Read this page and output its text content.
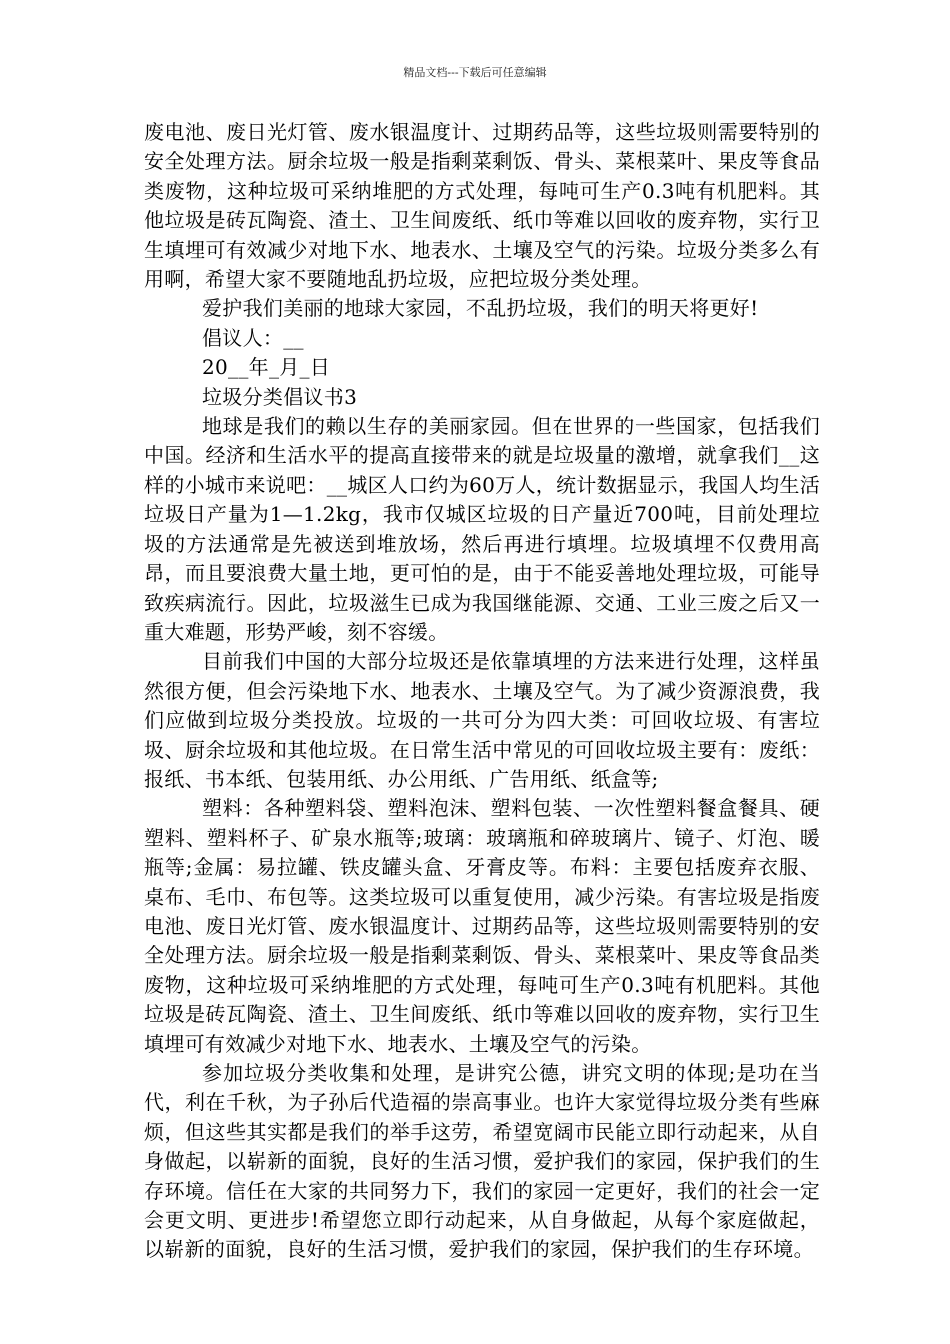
精品文档---下载后可任意编辑

废电池、废日光灯管、废水银温度计、过期药品等，这些垃圾则需要特别的安全处理方法。厨余垃圾一般是指剩菜剩饭、骨头、菜根菜叶、果皮等食品类废物，这种垃圾可采纳堆肥的方式处理，每吨可生产0.3吨有机肥料。其他垃圾是砖瓦陶瓷、渣土、卫生间废纸、纸巾等难以回收的废弃物，实行卫生填埋可有效减少对地下水、地表水、土壤及空气的污染。垃圾分类多么有用啊，希望大家不要随地乱扔垃圾，应把垃圾分类处理。

爱护我们美丽的地球大家园，不乱扔垃圾，我们的明天将更好!

倡议人：__

20__年_月_日

垃圾分类倡议书3

地球是我们的赖以生存的美丽家园。但在世界的一些国家，包括我们中国。经济和生活水平的提高直接带来的就是垃圾量的激增，就拿我们__这样的小城市来说吧：__城区人口约为60万人，统计数据显示，我国人均生活垃圾日产量为1—1.2kg，我市仅城区垃圾的日产量近700吨，目前处理垃圾的方法通常是先被送到堆放场，然后再进行填埋。垃圾填埋不仅费用高昂，而且要浪费大量土地，更可怕的是，由于不能妥善地处理垃圾，可能导致疾病流行。因此，垃圾滋生已成为我国继能源、交通、工业三废之后又一重大难题，形势严峻，刻不容缓。

目前我们中国的大部分垃圾还是依靠填埋的方法来进行处理，这样虽然很方便，但会污染地下水、地表水、土壤及空气。为了减少资源浪费，我们应做到垃圾分类投放。垃圾的一共可分为四大类：可回收垃圾、有害垃圾、厨余垃圾和其他垃圾。在日常生活中常见的可回收垃圾主要有：废纸：报纸、书本纸、包装用纸、办公用纸、广告用纸、纸盒等;

塑料：各种塑料袋、塑料泡沫、塑料包装、一次性塑料餐盒餐具、硬塑料、塑料杯子、矿泉水瓶等;玻璃：玻璃瓶和碎玻璃片、镜子、灯泡、暖瓶等;金属：易拉罐、铁皮罐头盒、牙膏皮等。布料：主要包括废弃衣服、桌布、毛巾、布包等。这类垃圾可以重复使用，减少污染。有害垃圾是指废电池、废日光灯管、废水银温度计、过期药品等，这些垃圾则需要特别的安全处理方法。厨余垃圾一般是指剩菜剩饭、骨头、菜根菜叶、果皮等食品类废物，这种垃圾可采纳堆肥的方式处理，每吨可生产0.3吨有机肥料。其他垃圾是砖瓦陶瓷、渣土、卫生间废纸、纸巾等难以回收的废弃物，实行卫生填埋可有效减少对地下水、地表水、土壤及空气的污染。

参加垃圾分类收集和处理，是讲究公德，讲究文明的体现;是功在当代，利在千秋，为子孙后代造福的崇高事业。也许大家觉得垃圾分类有些麻烦，但这些其实都是我们的举手这劳，希望宽阔市民能立即行动起来，从自身做起，以崭新的面貌，良好的生活习惯，爱护我们的家园，保护我们的生存环境。信任在大家的共同努力下，我们的家园一定更好，我们的社会一定会更文明、更进步!希望您立即行动起来，从自身做起，从每个家庭做起，以崭新的面貌，良好的生活习惯，爱护我们的家园，保护我们的生存环境。
